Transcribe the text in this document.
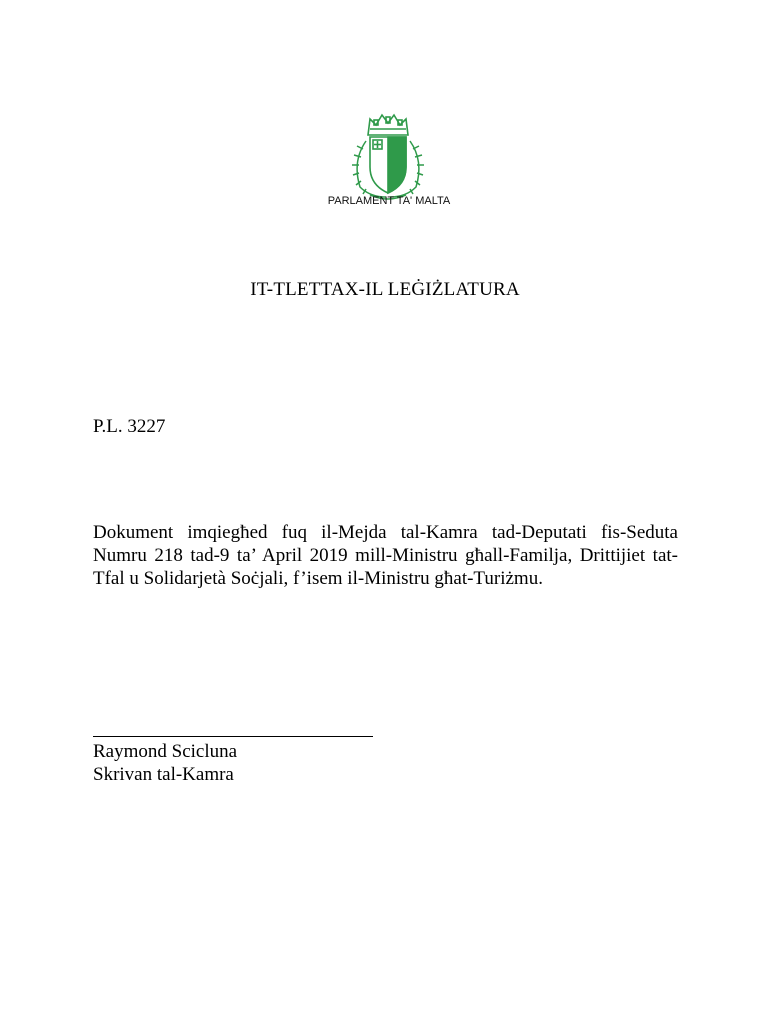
PARLAMENT TA' MALTA
IT-TLETTAX-IL LEĠIŻLATURA

P.L. 3227

Dokument imqiegħed fuq il-Mejda tal-Kamra tad-Deputati fis-Seduta Numru 218 tad-9 ta’ April 2019 mill-Ministru għall-Familja, Drittijiet tat-Tfal u Solidarjetà Soċjali, f’isem il-Ministru għat-Turiżmu.

Raymond Scicluna
Skrivan tal-Kamra
